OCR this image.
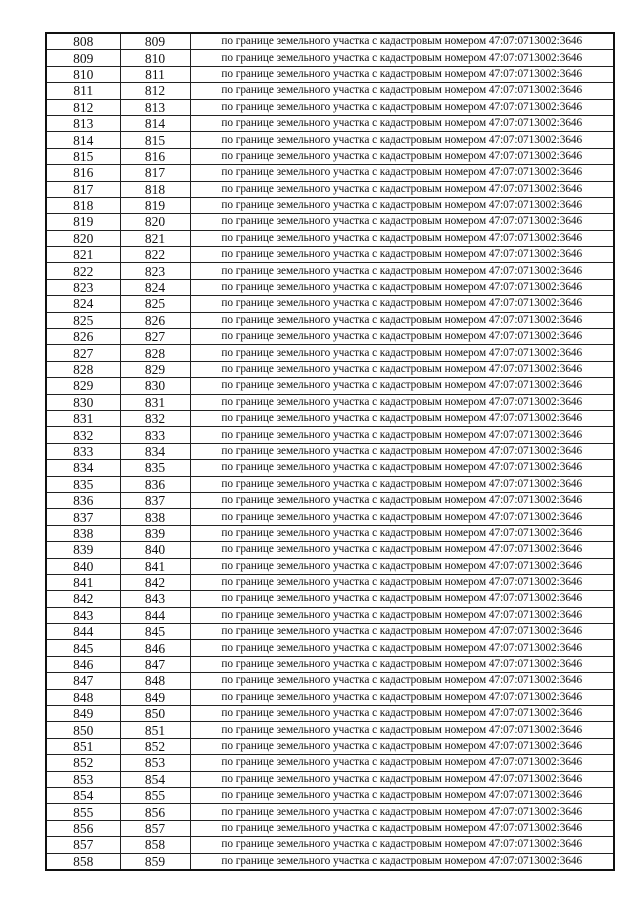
808	809	по границе земельного участка с кадастровым номером 47:07:0713002:3646
809	810	по границе земельного участка с кадастровым номером 47:07:0713002:3646
810	811	по границе земельного участка с кадастровым номером 47:07:0713002:3646
811	812	по границе земельного участка с кадастровым номером 47:07:0713002:3646
812	813	по границе земельного участка с кадастровым номером 47:07:0713002:3646
813	814	по границе земельного участка с кадастровым номером 47:07:0713002:3646
814	815	по границе земельного участка с кадастровым номером 47:07:0713002:3646
815	816	по границе земельного участка с кадастровым номером 47:07:0713002:3646
816	817	по границе земельного участка с кадастровым номером 47:07:0713002:3646
817	818	по границе земельного участка с кадастровым номером 47:07:0713002:3646
818	819	по границе земельного участка с кадастровым номером 47:07:0713002:3646
819	820	по границе земельного участка с кадастровым номером 47:07:0713002:3646
820	821	по границе земельного участка с кадастровым номером 47:07:0713002:3646
821	822	по границе земельного участка с кадастровым номером 47:07:0713002:3646
822	823	по границе земельного участка с кадастровым номером 47:07:0713002:3646
823	824	по границе земельного участка с кадастровым номером 47:07:0713002:3646
824	825	по границе земельного участка с кадастровым номером 47:07:0713002:3646
825	826	по границе земельного участка с кадастровым номером 47:07:0713002:3646
826	827	по границе земельного участка с кадастровым номером 47:07:0713002:3646
827	828	по границе земельного участка с кадастровым номером 47:07:0713002:3646
828	829	по границе земельного участка с кадастровым номером 47:07:0713002:3646
829	830	по границе земельного участка с кадастровым номером 47:07:0713002:3646
830	831	по границе земельного участка с кадастровым номером 47:07:0713002:3646
831	832	по границе земельного участка с кадастровым номером 47:07:0713002:3646
832	833	по границе земельного участка с кадастровым номером 47:07:0713002:3646
833	834	по границе земельного участка с кадастровым номером 47:07:0713002:3646
834	835	по границе земельного участка с кадастровым номером 47:07:0713002:3646
835	836	по границе земельного участка с кадастровым номером 47:07:0713002:3646
836	837	по границе земельного участка с кадастровым номером 47:07:0713002:3646
837	838	по границе земельного участка с кадастровым номером 47:07:0713002:3646
838	839	по границе земельного участка с кадастровым номером 47:07:0713002:3646
839	840	по границе земельного участка с кадастровым номером 47:07:0713002:3646
840	841	по границе земельного участка с кадастровым номером 47:07:0713002:3646
841	842	по границе земельного участка с кадастровым номером 47:07:0713002:3646
842	843	по границе земельного участка с кадастровым номером 47:07:0713002:3646
843	844	по границе земельного участка с кадастровым номером 47:07:0713002:3646
844	845	по границе земельного участка с кадастровым номером 47:07:0713002:3646
845	846	по границе земельного участка с кадастровым номером 47:07:0713002:3646
846	847	по границе земельного участка с кадастровым номером 47:07:0713002:3646
847	848	по границе земельного участка с кадастровым номером 47:07:0713002:3646
848	849	по границе земельного участка с кадастровым номером 47:07:0713002:3646
849	850	по границе земельного участка с кадастровым номером 47:07:0713002:3646
850	851	по границе земельного участка с кадастровым номером 47:07:0713002:3646
851	852	по границе земельного участка с кадастровым номером 47:07:0713002:3646
852	853	по границе земельного участка с кадастровым номером 47:07:0713002:3646
853	854	по границе земельного участка с кадастровым номером 47:07:0713002:3646
854	855	по границе земельного участка с кадастровым номером 47:07:0713002:3646
855	856	по границе земельного участка с кадастровым номером 47:07:0713002:3646
856	857	по границе земельного участка с кадастровым номером 47:07:0713002:3646
857	858	по границе земельного участка с кадастровым номером 47:07:0713002:3646
858	859	по границе земельного участка с кадастровым номером 47:07:0713002:3646
